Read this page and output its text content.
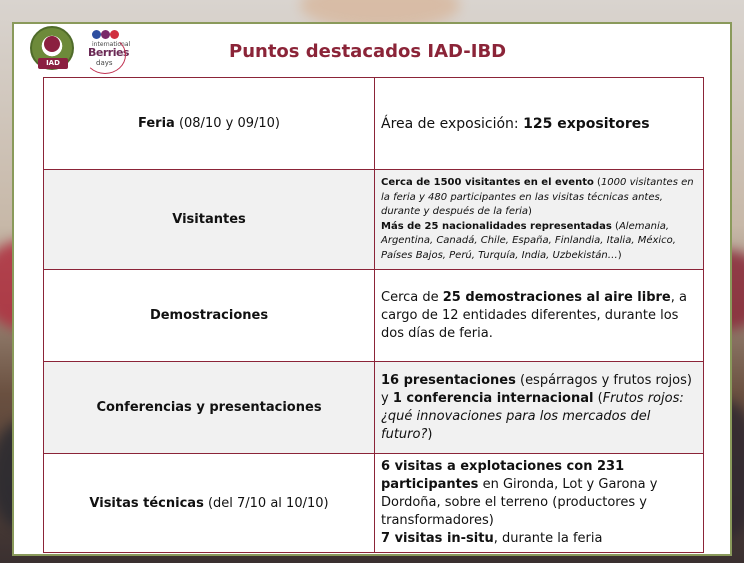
IAD
international
Berries
days
Puntos destacados IAD-IBD
Feria (08/10 y 09/10)	Área de exposición: 125 expositores
Visitantes	Cerca de 1500 visitantes en el evento (1000 visitantes en la feria y 480 participantes en las visitas técnicas antes, durante y después de la feria)
Más de 25 nacionalidades representadas (Alemania, Argentina, Canadá, Chile, España, Finlandia, Italia, México, Países Bajos, Perú, Turquía, India, Uzbekistán…)
Demostraciones	Cerca de 25 demostraciones al aire libre, a cargo de 12 entidades diferentes, durante los dos días de feria.
Conferencias y presentaciones	16 presentaciones (espárragos y frutos rojos) y 1 conferencia internacional (Frutos rojos: ¿qué innovaciones para los mercados del futuro?)
Visitas técnicas (del 7/10 al 10/10)	6 visitas a explotaciones con 231 participantes en Gironda, Lot y Garona y Dordoña, sobre el terreno (productores y transformadores)
7 visitas in-situ, durante la feria
